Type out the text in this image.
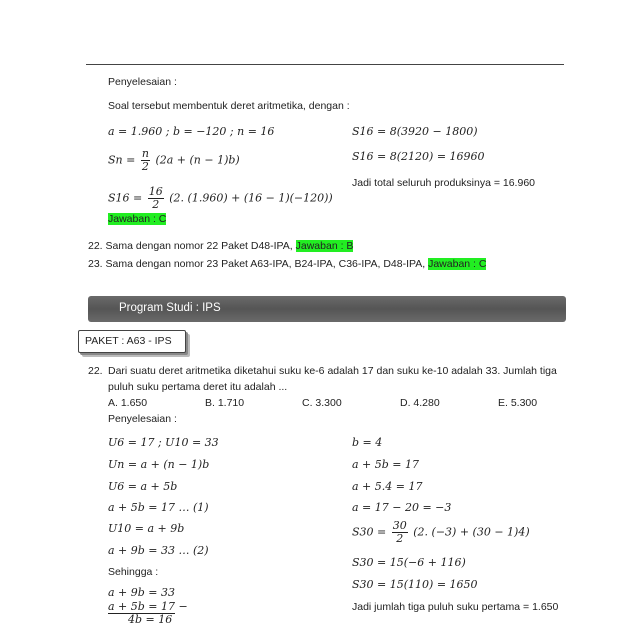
Penyelesaian :
Soal tersebut membentuk deret aritmetika, dengan :
a = 1.960 ; b = −120 ; n = 16
$Sn = \frac{n}{2} (2a + (n - 1)b)$
$S16 = \frac{16}{2} (2$. (1.960) + (16 − 1)(−120))
Jawaban : C
S16 = 8(3920 − 1800)
S16 = 8(2120) = 16960
Jadi total seluruh produksinya = 16.960
22. Sama dengan nomor 22 Paket D48-IPA, Jawaban : B
23. Sama dengan nomor 23 Paket A63-IPA, B24-IPA, C36-IPA, D48-IPA, Jawaban : C
Program Studi : IPS
PAKET : A63 - IPS
22. Dari suatu deret aritmetika diketahui suku ke-6 adalah 17 dan suku ke-10 adalah 33. Jumlah tiga
puluh suku pertama deret itu adalah ...
A. 1.650	B. 1.710	C. 3.300	D. 4.280	E. 5.300
Penyelesaian :
U6 = 17 ; U10 = 33
Un = a + (n − 1)b
U6 = a + 5b
a + 5b = 17 … (1)
U10 = a + 9b
a + 9b = 33 … (2)
Sehingga :
a + 9b = 33
a + 5b = 17 −
4b = 16
b = 4
a + 5b = 17
a + 5.4 = 17
a = 17 − 20 = −3
$S30 = \frac{30}{2} (2$. (−3) + (30 − 1)4)
S30 = 15(−6 + 116)
S30 = 15(110) = 1650
Jadi jumlah tiga puluh suku pertama = 1.650
